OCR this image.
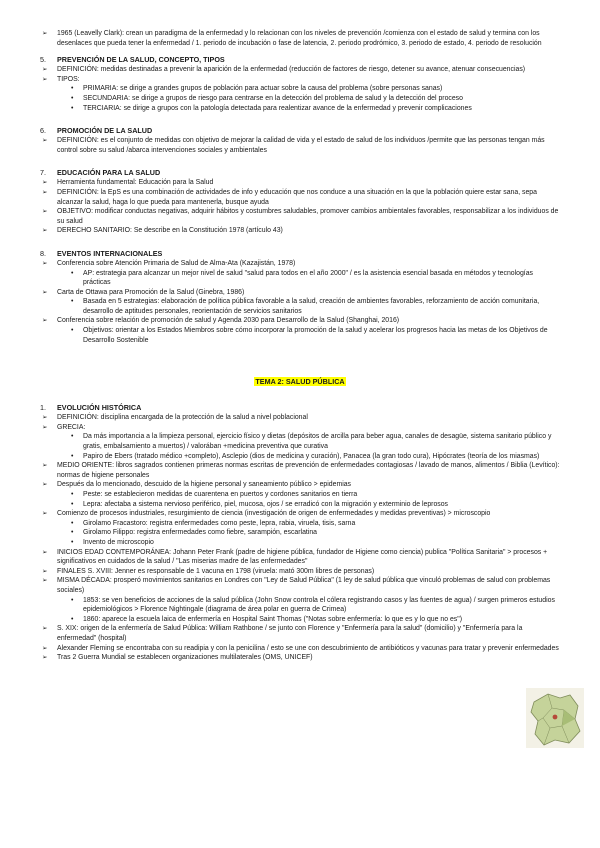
➢ 1965 (Leavelly Clark): crean un paradigma de la enfermedad y lo relacionan con los niveles de prevención /comienza con el estado de salud y termina con los desenlaces que pueda tener la enfermedad / 1. periodo de incubación o fase de latencia, 2. periodo prodrómico, 3. periodo de estado, 4. periodo de resolución
5. PREVENCIÓN DE LA SALUD, CONCEPTO, TIPOS
➢ DEFINICIÓN: medidas destinadas a prevenir la aparición de la enfermedad (reducción de factores de riesgo, detener su avance, atenuar consecuencias)
➢ TIPOS:
• PRIMARIA: se dirige a grandes grupos de población para actuar sobre la causa del problema (sobre personas sanas)
• SECUNDARIA: se dirige a grupos de riesgo para centrarse en la detección del problema de salud y la detección del proceso
• TERCIARIA: se dirige a grupos con la patología detectada para realentizar avance de la enfermedad y prevenir complicaciones
6. PROMOCIÓN DE LA SALUD
➢ DEFINICIÓN: es el conjunto de medidas con objetivo de mejorar la calidad de vida y el estado de salud de los individuos /permite que las personas tengan más control sobre su salud /abarca intervenciones sociales y ambientales
7. EDUCACIÓN PARA LA SALUD
➢ Herramienta fundamental: Educación para la Salud
➢ DEFINICIÓN: la EpS es una combinación de actividades de info y educación que nos conduce a una situación en la que la población quiere estar sana, sepa alcanzar la salud, haga lo que pueda para mantenerla, busque ayuda
➢ OBJETIVO: modificar conductas negativas, adquirir hábitos y costumbres saludables, promover cambios ambientales favorables, responsabilizar a los individuos de su salud
➢ DERECHO SANITARIO: Se describe en la Constitución 1978 (artículo 43)
8. EVENTOS INTERNACIONALES
➢ Conferencia sobre Atención Primaria de Salud de Alma-Ata (Kazajistán, 1978)
• AP: estrategia para alcanzar un mejor nivel de salud "salud para todos en el año 2000" / es la asistencia esencial basada en métodos y tecnologías prácticas
➢ Carta de Ottawa para Promoción de la Salud (Ginebra, 1986)
• Basada en 5 estrategias: elaboración de política pública favorable a la salud, creación de ambientes favorables, reforzamiento de acción comunitaria, desarrollo de aptitudes personales, reorientación de servicios sanitarios
➢ Conferencia sobre relación de promoción de salud y Agenda 2030 para Desarrollo de la Salud (Shanghai, 2016)
• Objetivos: orientar a los Estados Miembros sobre cómo incorporar la promoción de la salud y acelerar los progresos hacia las metas de los Objetivos de Desarrollo Sostenible
TEMA 2: SALUD PÚBLICA
1. EVOLUCIÓN HISTÓRICA
➢ DEFINICIÓN: disciplina encargada de la protección de la salud a nivel poblacional
➢ GRECIA:
• Da más importancia a la limpieza personal, ejercicio físico y dietas (depósitos de arcilla para beber agua, canales de desagüe, sistema sanitario público y gratis, embalsamiento a muertos) / valorában +medicina preventiva que curativa
• Papiro de Ebers (tratado médico +completo), Asclepio (dios de medicina y curación), Panacea (la gran todo cura), Hipócrates (teoría de los miasmas)
➢ MEDIO ORIENTE: libros sagrados contienen primeras normas escritas de prevención de enfermedades contagiosas / lavado de manos, alimentos / Biblia (Levítico): normas de higiene personales
➢ Después da lo mencionado, descuido de la higiene personal y saneamiento público > epidemias
• Peste: se establecieron medidas de cuarentena en puertos y cordones sanitarios en tierra
• Lepra: afectaba a sistema nervioso periférico, piel, mucosa, ojos / se erradicó con la migración y exterminio de leprosos
➢ Comienzo de procesos industriales, resurgimiento de ciencia (investigación de origen de enfermedades y medidas preventivas) > microscopio
• Girolamo Fracastoro: registra enfermedades como peste, lepra, rabia, viruela, tisis, sarna
• Girolamo Filippo: registra enfermedades como fiebre, sarampión, escarlatina
• Invento de microscopio
➢ INICIOS EDAD CONTEMPORÁNEA: Johann Peter Frank (padre de higiene pública, fundador de Higiene como ciencia) publica "Política Sanitaria" > procesos + significativos en cuidados de la salud / "Las miserias madre de las enfermedades"
➢ FINALES S. XVIII: Jenner es responsable de 1 vacuna en 1798 (viruela: mató 300m libres de personas)
➢ MISMA DÉCADA: prosperó movimientos sanitarios en Londres con "Ley de Salud Pública" (1 ley de salud pública que vinculó problemas de salud con problemas sociales)
• 1853: se ven beneficios de acciones de la salud pública (John Snow controla el cólera registrando casos y las fuentes de agua) / surgen primeros estudios epidemiológicos > Florence Nightingale (diagrama de área polar en guerra de Crimea)
• 1860: aparece la escuela laica de enfermería en Hospital Saint Thomas ("Notas sobre enfermería: lo que es y lo que no es")
➢ S. XIX: origen de la enfermería de Salud Pública: William Rathbone / se junto con Florence y "Enfermería para la salud" (domicilio) y "Enfermería para la enfermedad" (hospital)
➢ Alexander Fleming se encontraba con su readipia y con la penicilina / esto se une con descubrimiento de antibióticos y vacunas para tratar y prevenir enfermedades
➢ Tras 2 Guerra Mundial se establecen organizaciones multilaterales (OMS, UNICEF)
